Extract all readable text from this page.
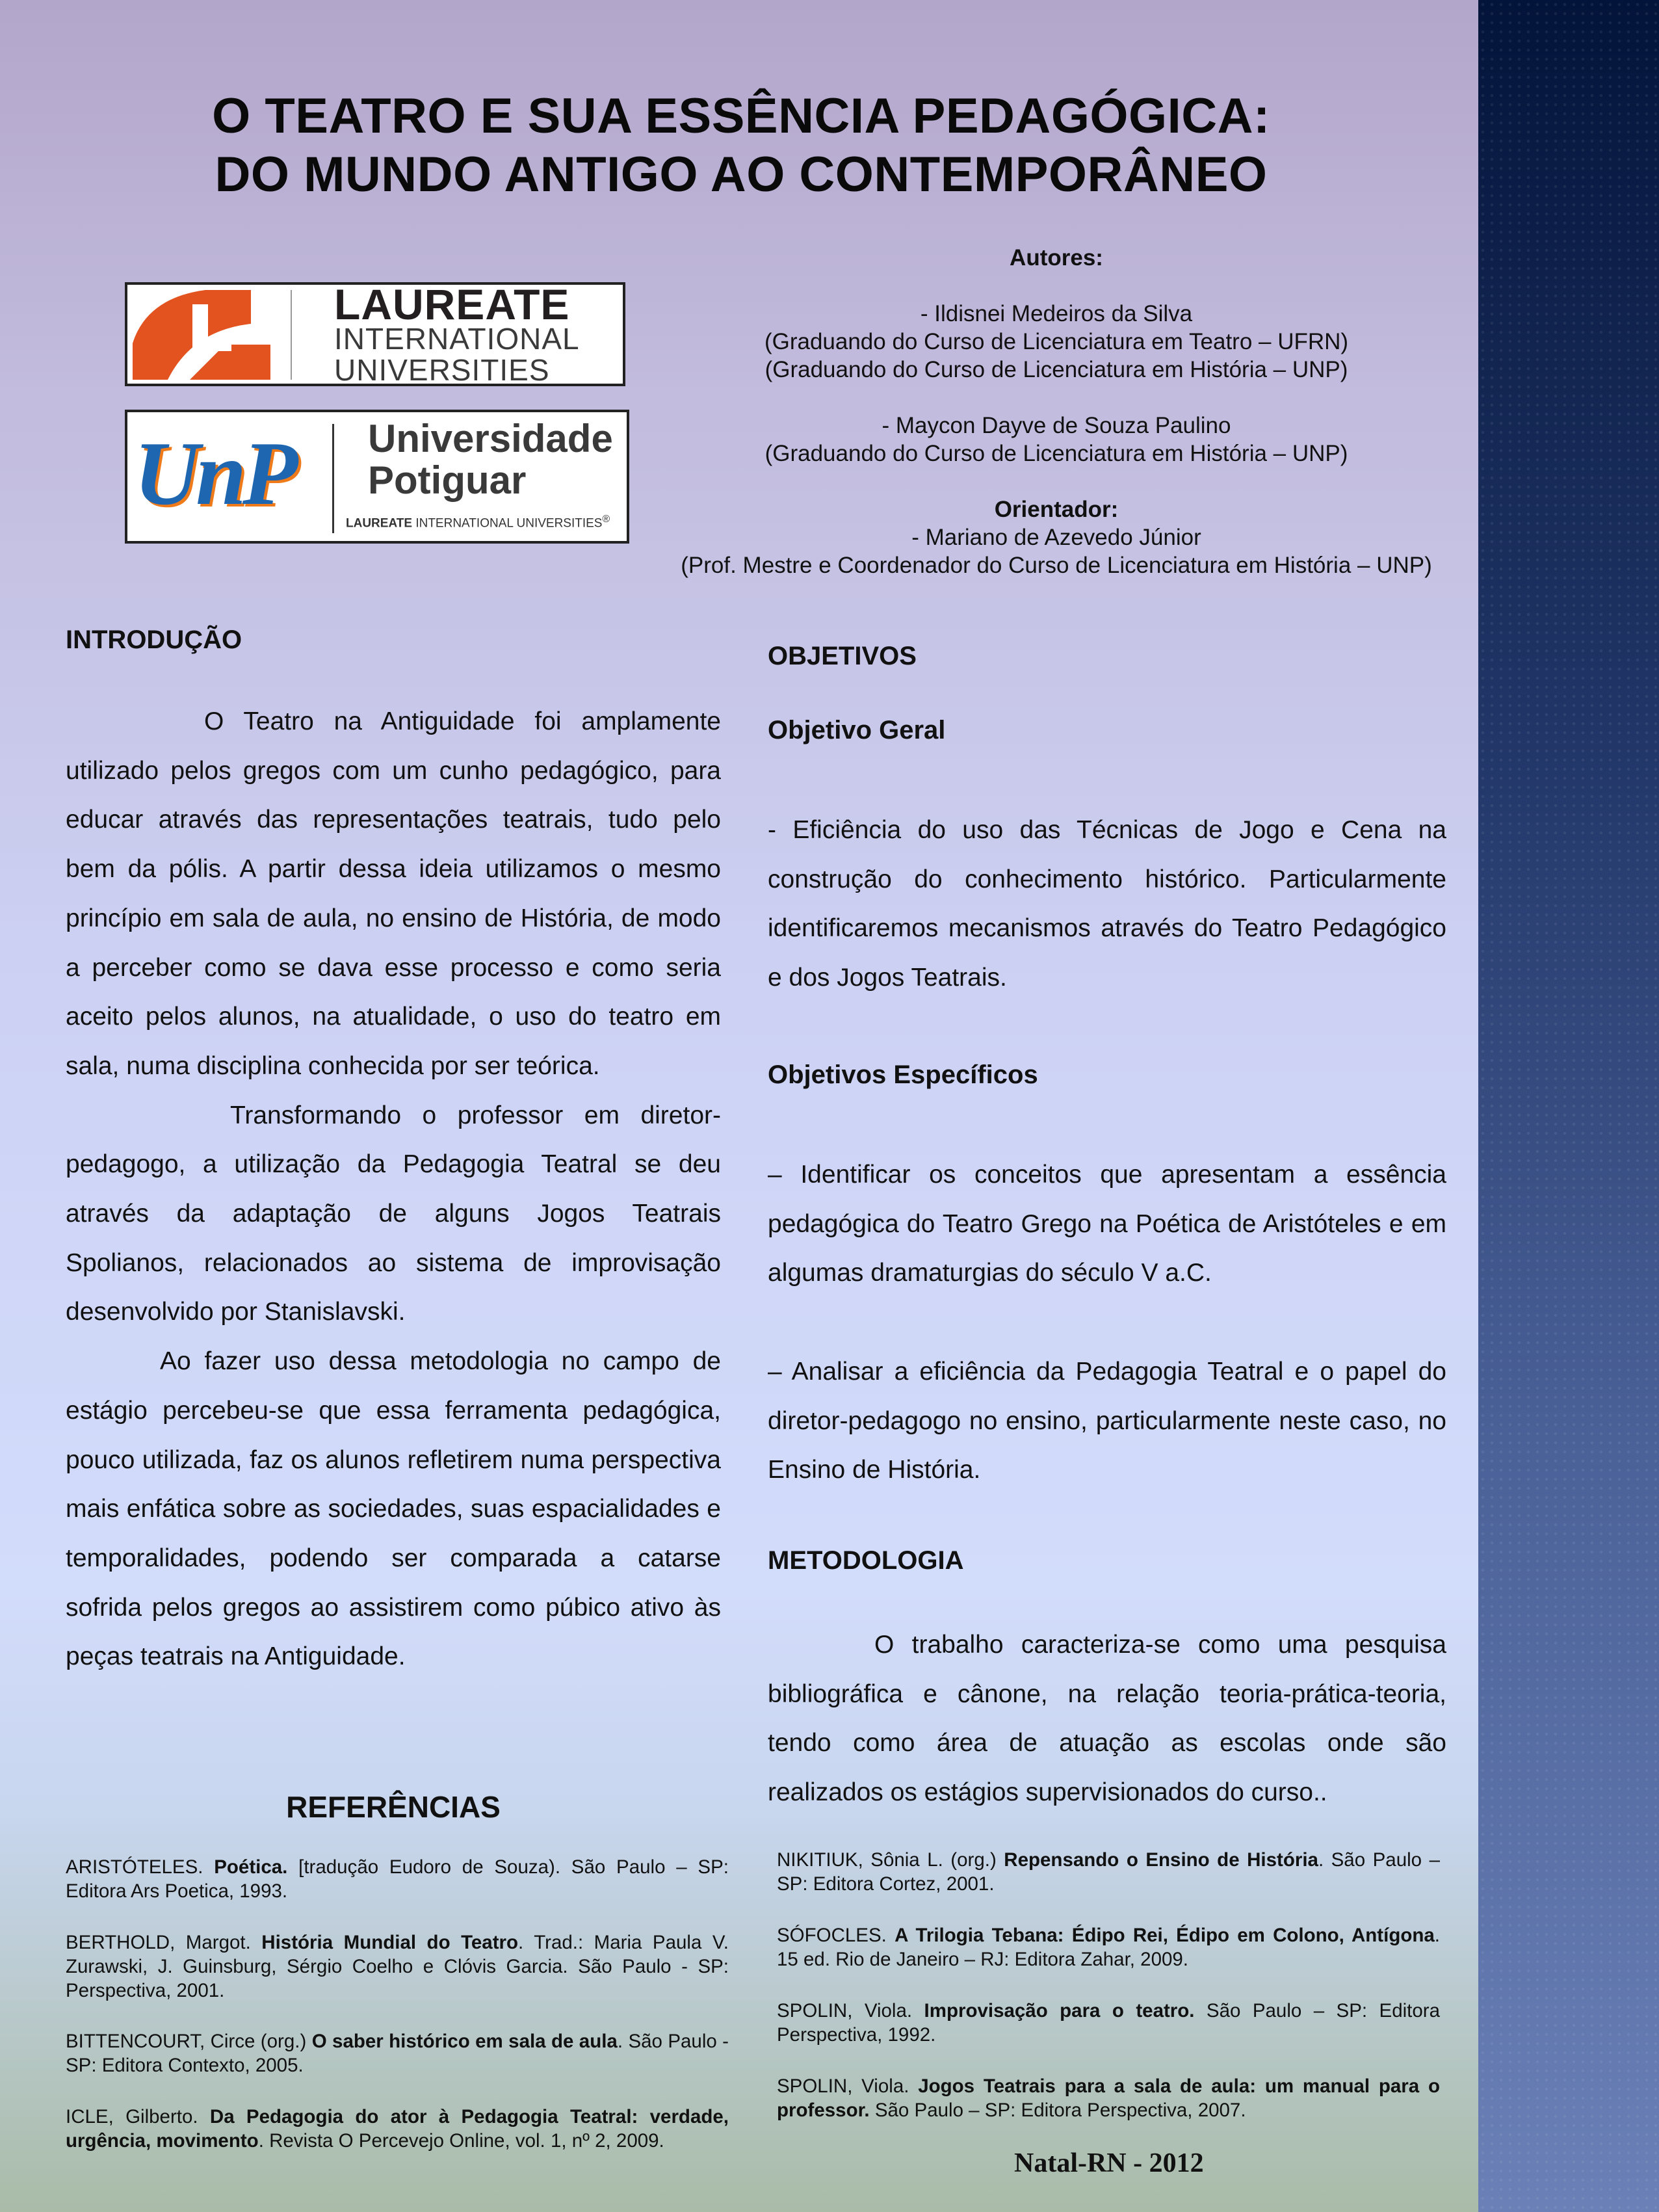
O TEATRO E SUA ESSÊNCIA PEDAGÓGICA:
DO MUNDO ANTIGO AO CONTEMPORÂNEO
LAUREATE
INTERNATIONAL
UNIVERSITIES
UnP Universidade
Potiguar
LAUREATE INTERNATIONAL UNIVERSITIES®
Autores:
- Ildisnei Medeiros da Silva
(Graduando do Curso de Licenciatura em Teatro – UFRN)
(Graduando do Curso de Licenciatura em História – UNP)
- Maycon Dayve de Souza Paulino
(Graduando do Curso de Licenciatura em História – UNP)
Orientador:
- Mariano de Azevedo Júnior
(Prof. Mestre e Coordenador do Curso de Licenciatura em História – UNP)
INTRODUÇÃO

O Teatro na Antiguidade foi amplamente utilizado pelos gregos com um cunho pedagógico, para educar através das representações teatrais, tudo pelo bem da pólis. A partir dessa ideia utilizamos o mesmo princípio em sala de aula, no ensino de História, de modo a perceber como se dava esse processo e como seria aceito pelos alunos, na atualidade, o uso do teatro em sala, numa disciplina conhecida por ser teórica.

Transformando o professor em diretor-pedagogo, a utilização da Pedagogia Teatral se deu através da adaptação de alguns Jogos Teatrais Spolianos, relacionados ao sistema de improvisação desenvolvido por Stanislavski.

Ao fazer uso dessa metodologia no campo de estágio percebeu-se que essa ferramenta pedagógica, pouco utilizada, faz os alunos refletirem numa perspectiva mais enfática sobre as sociedades, suas espacialidades e temporalidades, podendo ser comparada a catarse sofrida pelos gregos ao assistirem como púbico ativo às peças teatrais na Antiguidade.

OBJETIVOS
Objetivo Geral
- Eficiência do uso das Técnicas de Jogo e Cena na construção do conhecimento histórico. Particularmente identificaremos mecanismos através do Teatro Pedagógico e dos Jogos Teatrais.
Objetivos Específicos
– Identificar os conceitos que apresentam a essência pedagógica do Teatro Grego na Poética de Aristóteles e em algumas dramaturgias do século V a.C.
– Analisar a eficiência da Pedagogia Teatral e o papel do diretor-pedagogo no ensino, particularmente neste caso, no Ensino de História.
METODOLOGIA

O trabalho caracteriza-se como uma pesquisa bibliográfica e cânone, na relação teoria-prática-teoria, tendo como área de atuação as escolas onde são realizados os estágios supervisionados do curso..

REFERÊNCIAS
ARISTÓTELES. Poética. [tradução Eudoro de Souza). São Paulo – SP: Editora Ars Poetica, 1993.
BERTHOLD, Margot. História Mundial do Teatro. Trad.: Maria Paula V. Zurawski, J. Guinsburg, Sérgio Coelho e Clóvis Garcia. São Paulo - SP: Perspectiva, 2001.
BITTENCOURT, Circe (org.) O saber histórico em sala de aula. São Paulo - SP: Editora Contexto, 2005.
ICLE, Gilberto. Da Pedagogia do ator à Pedagogia Teatral: verdade, urgência, movimento. Revista O Percevejo Online, vol. 1, nº 2, 2009.
NIKITIUK, Sônia L. (org.) Repensando o Ensino de História. São Paulo – SP: Editora Cortez, 2001.
SÓFOCLES. A Trilogia Tebana: Édipo Rei, Édipo em Colono, Antígona. 15 ed. Rio de Janeiro – RJ: Editora Zahar, 2009.
SPOLIN, Viola. Improvisação para o teatro. São Paulo – SP: Editora Perspectiva, 1992.
SPOLIN, Viola. Jogos Teatrais para a sala de aula: um manual para o professor. São Paulo – SP: Editora Perspectiva, 2007.
Natal-RN - 2012
